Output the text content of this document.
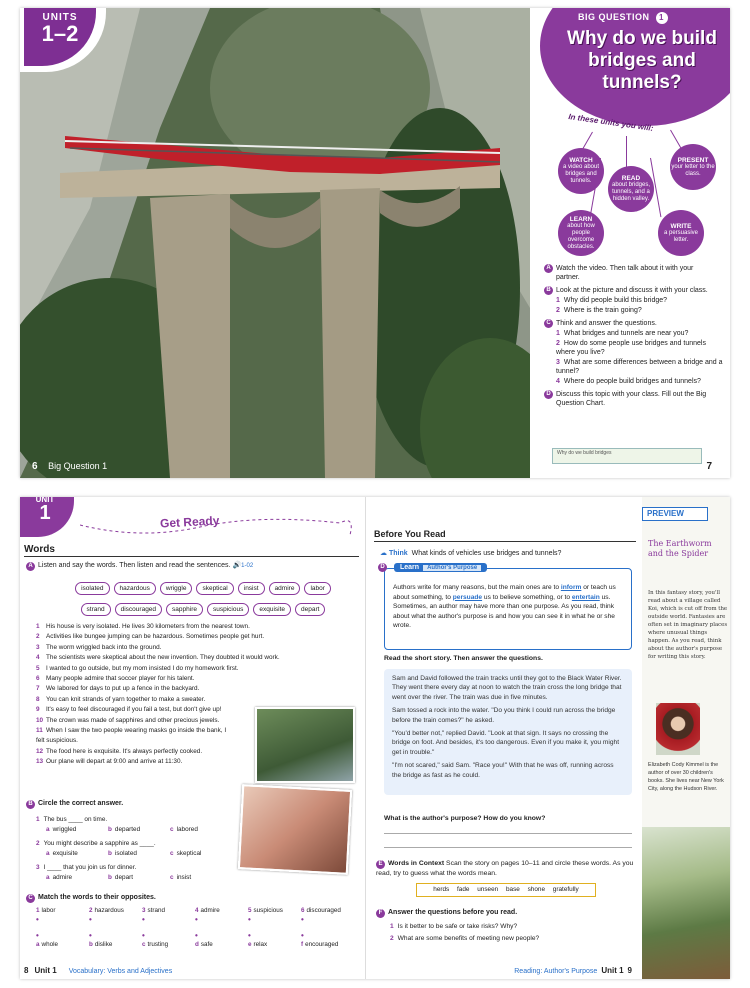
UNITS
1–2
6 Big Question 1
BIG QUESTION 1
Why do we build bridges and tunnels?
In these units you will:
WATCH
a video about bridges and tunnels.	READ
about bridges, tunnels, and a hidden valley.
PRESENT
your letter to the class.
LEARN
about how people overcome obstacles.
WRITE
a persuasive letter.
A Watch the video. Then talk about it with your partner.
B Look at the picture and discuss it with your class.
1 Why did people build this bridge?
2 Where is the train going?
C Think and answer the questions.
1 What bridges and tunnels are near you?
2 How do some people use bridges and tunnels where you live?
3 What are some differences between a bridge and a tunnel?
4 Where do people build bridges and tunnels?
D Discuss this topic with your class. Fill out the Big Question Chart.
Why do we build bridges
7
UNIT
1	Get Ready
Words
A Listen and say the words. Then listen and read the sentences. 🔊1-02
isolated hazardous wriggle skeptical insist admire labor
strand discouraged sapphire suspicious exquisite depart
1 His house is very isolated. He lives 30 kilometers from the nearest town.
2 Activities like bungee jumping can be hazardous. Sometimes people get hurt.
3 The worm wriggled back into the ground.
4 The scientists were skeptical about the new invention. They doubted it would work.
5 I wanted to go outside, but my mom insisted I do my homework first.
6 Many people admire that soccer player for his talent.
7 We labored for days to put up a fence in the backyard.
8 You can knit strands of yarn together to make a sweater.
9 It's easy to feel discouraged if you fail a test, but don't give up!
10 The crown was made of sapphires and other precious jewels.
11 When I saw the two people wearing masks go inside the bank, I felt suspicious.
12 The food here is exquisite. It's always perfectly cooked.
13 Our plane will depart at 9:00 and arrive at 11:30.
B Circle the correct answer.
1 The bus ____ on time.
a wriggled	b departed	c labored
2 You might describe a sapphire as ____.
a exquisite	b isolated	c skeptical
3 I ____ that you join us for dinner.
a admire	b depart	c insist
C Match the words to their opposites.
1 labor	2 hazardous	3 strand	4 admire	5 suspicious	6 discouraged
•	•	•	•	•	•
•	•	•	•	•	•
a whole	b dislike	c trusting	d safe	e relax	f encouraged
8 Unit 1 Vocabulary: Verbs and Adjectives
Before You Read
☁ Think What kinds of vehicles use bridges and tunnels?
Authors write for many reasons, but the main ones are to inform or teach us about something, to persuade us to believe something, or to entertain us. Sometimes, an author may have more than one purpose. As you read, think about what the author's purpose is and how you can see it in what he or she wrote.
Learn Author's Purpose
D
Read the short story. Then answer the questions.

Sam and David followed the train tracks until they got to the Black Water River. They went there every day at noon to watch the train cross the long bridge that went over the river. The train was due in five minutes.

Sam tossed a rock into the water. "Do you think I could run across the bridge before the train comes?" he asked.

"You'd better not," replied David. "Look at that sign. It says no crossing the bridge on foot. And besides, it's too dangerous. Even if you make it, you might get in trouble."

"I'm not scared," said Sam. "Race you!" With that he was off, running across the bridge as fast as he could.

What is the author's purpose? How do you know?
E Words in Context Scan the story on pages 10–11 and circle these words. As you read, try to guess what the words mean.
herds fade unseen base shone gratefully
F Answer the questions before you read.
1 Is it better to be safe or take risks? Why?
2 What are some benefits of meeting new people?
Reading: Author's Purpose Unit 1 9
PREVIEW
The Earthworm and the Spider
In this fantasy story, you'll read about a village called Koi, which is cut off from the outside world. Fantasies are often set in imaginary places where unusual things happen. As you read, think about the author's purpose for writing this story.
Elizabeth Cody Kimmel is the author of over 30 children's books. She lives near New York City, along the Hudson River.
